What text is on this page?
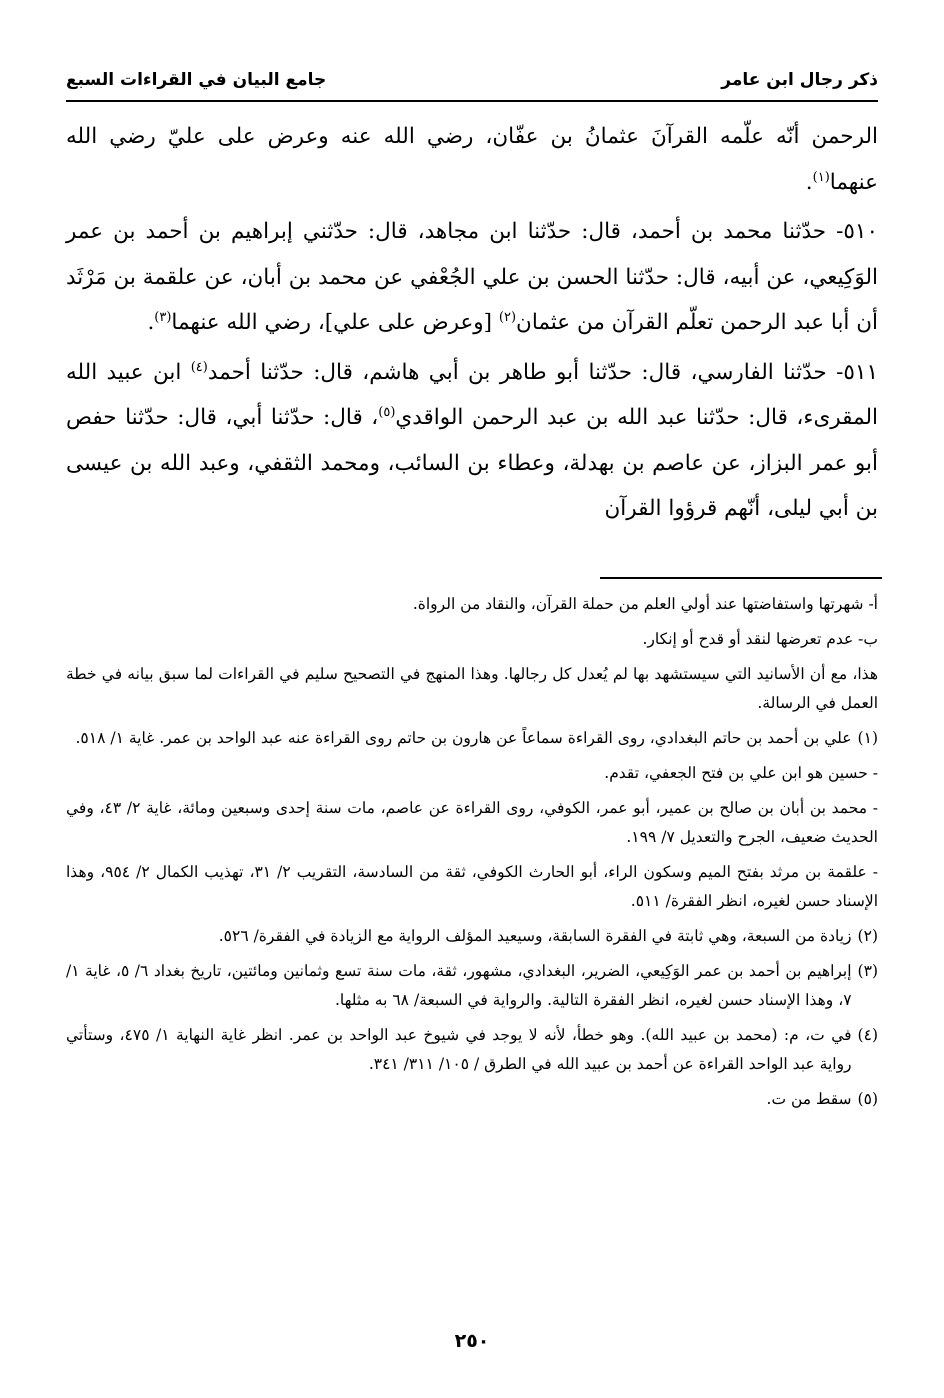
ذكر رجال ابن عامر
جامع البيان في القراءات السبع

الرحمن أنّه علّمه القرآنَ عثمانُ بن عفّان، رضي الله عنه وعرض على عليّ رضي الله عنهما$^{(١)}$.

٥١٠- حدّثنا محمد بن أحمد، قال: حدّثنا ابن مجاهد، قال: حدّثني إبراهيم بن أحمد بن عمر الوَكِيعي، عن أبيه، قال: حدّثنا الحسن بن علي الجُعْفي عن محمد بن أبان، عن علقمة بن مَرْثَد أن أبا عبد الرحمن تعلّم القرآن من عثمان$^{(٢)}$ [وعرض على علي]، رضي الله عنهما$^{(٣)}$.

٥١١- حدّثنا الفارسي، قال: حدّثنا أبو طاهر بن أبي هاشم، قال: حدّثنا أحمد$^{(٤)}$ ابن عبيد الله المقرىء، قال: حدّثنا عبد الله بن عبد الرحمن الواقدي$^{(٥)}$، قال: حدّثنا أبي، قال: حدّثنا حفص أبو عمر البزاز، عن عاصم بن بهدلة، وعطاء بن السائب، ومحمد الثقفي، وعبد الله بن عيسى بن أبي ليلى، أنّهم قرؤوا القرآن

أ- شهرتها واستفاضتها عند أولي العلم من حملة القرآن، والنقاد من الرواة.

ب- عدم تعرضها لنقد أو قدح أو إنكار.

هذا، مع أن الأسانيد التي سيستشهد بها لم يُعدل كل رجالها. وهذا المنهج في التصحيح سليم في القراءات لما سبق بيانه في خطة العمل في الرسالة.

(١)
علي بن أحمد بن حاتم البغدادي، روى القراءة سماعاً عن هارون بن حاتم روى القراءة عنه عبد الواحد بن عمر. غاية ١/ ٥١٨.

- حسين هو ابن علي بن فتح الجعفي، تقدم.

- محمد بن أبان بن صالح بن عمير، أبو عمر، الكوفي، روى القراءة عن عاصم، مات سنة إحدى وسبعين ومائة، غاية ٢/ ٤٣، وفي الحديث ضعيف، الجرح والتعديل ٧/ ١٩٩.

- علقمة بن مرثد بفتح الميم وسكون الراء، أبو الحارث الكوفي، ثقة من السادسة، التقريب ٢/ ٣١، تهذيب الكمال ٢/ ٩٥٤، وهذا الإسناد حسن لغيره، انظر الفقرة/ ٥١١.

(٢)
زيادة من السبعة، وهي ثابتة في الفقرة السابقة، وسيعيد المؤلف الرواية مع الزيادة في الفقرة/ ٥٢٦.
(٣)
إبراهيم بن أحمد بن عمر الوَكِيعي، الضرير، البغدادي، مشهور، ثقة، مات سنة تسع وثمانين ومائتين، تاريخ بغداد ٦/ ٥، غاية ١/ ٧، وهذا الإسناد حسن لغيره، انظر الفقرة التالية. والرواية في السبعة/ ٦٨ به مثلها.
(٤)
في ت، م: (محمد بن عبيد الله). وهو خطأ، لأنه لا يوجد في شيوخ عبد الواحد بن عمر. انظر غاية النهاية ١/ ٤٧٥، وستأتي رواية عبد الواحد القراءة عن أحمد بن عبيد الله في الطرق / ١٠٥/ ٣١١/ ٣٤١.
(٥)
سقط من ت.
٢٥٠
